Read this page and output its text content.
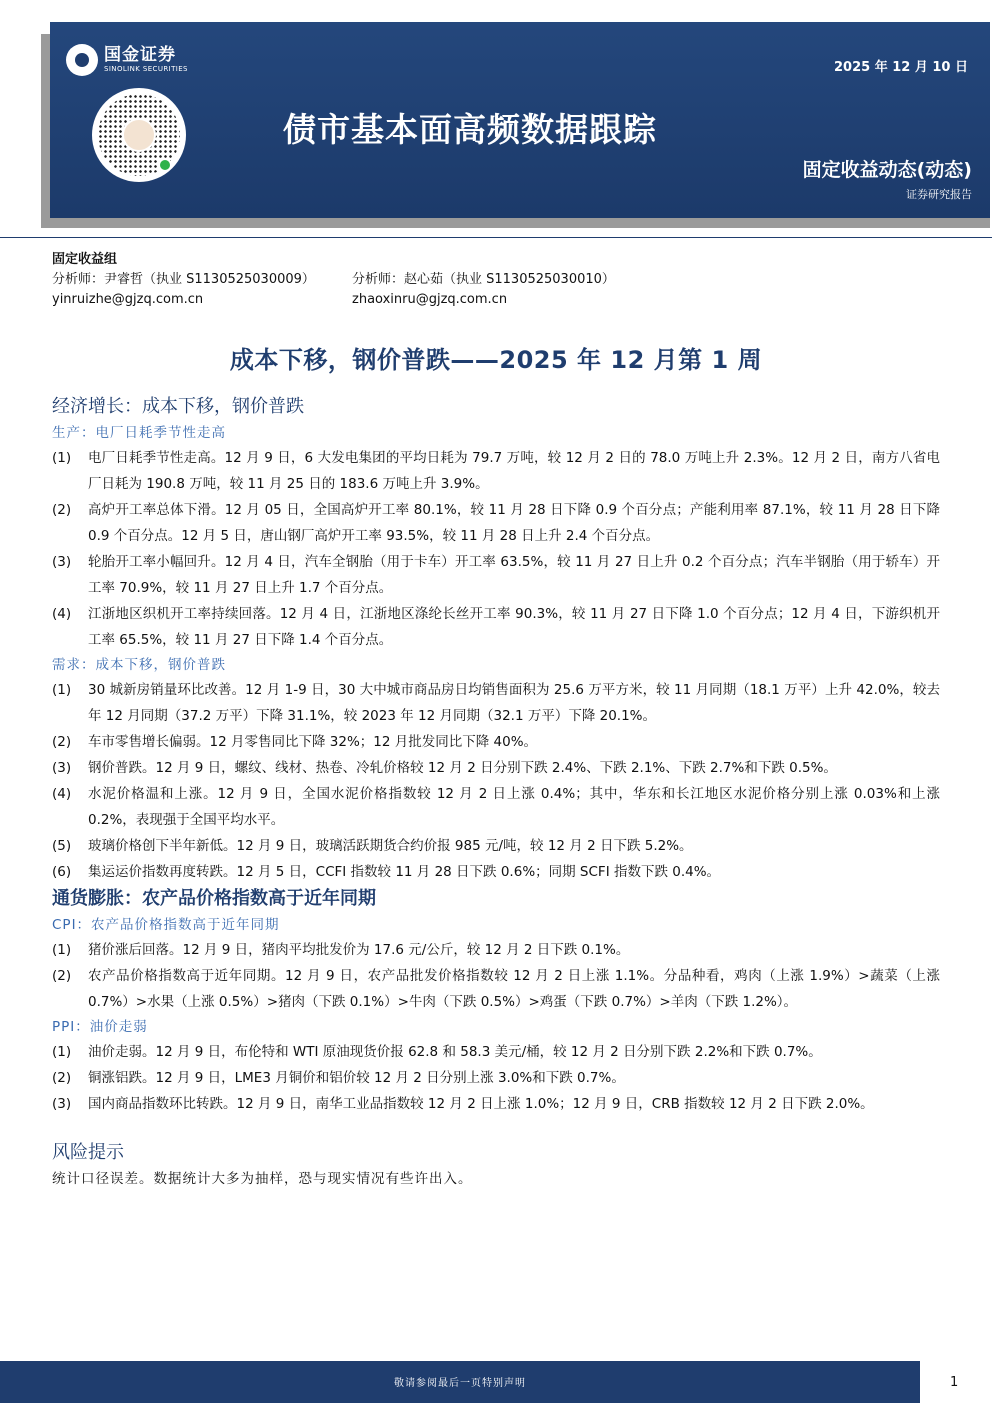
国金证券
SINOLINK SECURITIES	2025 年 12 月 10 日
债市基本面高频数据跟踪
固定收益动态(动态)
证券研究报告
固定收益组
分析师：尹睿哲（执业 S1130525030009）	分析师：赵心茹（执业 S1130525030010）
yinruizhe@gjzq.com.cn	zhaoxinru@gjzq.com.cn
成本下移，钢价普跌——2025 年 12 月第 1 周
经济增长：成本下移，钢价普跌
生产：电厂日耗季节性走高
(1)	电厂日耗季节性走高。12 月 9 日，6 大发电集团的平均日耗为 79.7 万吨，较 12 月 2 日的 78.0 万吨上升 2.3%。12 月 2 日，南方八省电厂日耗为 190.8 万吨，较 11 月 25 日的 183.6 万吨上升 3.9%。
(2)	高炉开工率总体下滑。12 月 05 日，全国高炉开工率 80.1%，较 11 月 28 日下降 0.9 个百分点；产能利用率 87.1%，较 11 月 28 日下降 0.9 个百分点。12 月 5 日，唐山钢厂高炉开工率 93.5%，较 11 月 28 日上升 2.4 个百分点。
(3)	轮胎开工率小幅回升。12 月 4 日，汽车全钢胎（用于卡车）开工率 63.5%，较 11 月 27 日上升 0.2 个百分点；汽车半钢胎（用于轿车）开工率 70.9%，较 11 月 27 日上升 1.7 个百分点。
(4)	江浙地区织机开工率持续回落。12 月 4 日，江浙地区涤纶长丝开工率 90.3%，较 11 月 27 日下降 1.0 个百分点；12 月 4 日，下游织机开工率 65.5%，较 11 月 27 日下降 1.4 个百分点。
需求：成本下移，钢价普跌
(1)	30 城新房销量环比改善。12 月 1-9 日，30 大中城市商品房日均销售面积为 25.6 万平方米，较 11 月同期（18.1 万平）上升 42.0%，较去年 12 月同期（37.2 万平）下降 31.1%，较 2023 年 12 月同期（32.1 万平）下降 20.1%。
(2)	车市零售增长偏弱。12 月零售同比下降 32%；12 月批发同比下降 40%。
(3)	钢价普跌。12 月 9 日，螺纹、线材、热卷、冷轧价格较 12 月 2 日分别下跌 2.4%、下跌 2.1%、下跌 2.7%和下跌 0.5%。
(4)	水泥价格温和上涨。12 月 9 日，全国水泥价格指数较 12 月 2 日上涨 0.4%；其中，华东和长江地区水泥价格分别上涨 0.03%和上涨 0.2%，表现强于全国平均水平。
(5)	玻璃价格创下半年新低。12 月 9 日，玻璃活跃期货合约价报 985 元/吨，较 12 月 2 日下跌 5.2%。
(6)	集运运价指数再度转跌。12 月 5 日，CCFI 指数较 11 月 28 日下跌 0.6%；同期 SCFI 指数下跌 0.4%。
通货膨胀：农产品价格指数高于近年同期
CPI：农产品价格指数高于近年同期
(1)	猪价涨后回落。12 月 9 日，猪肉平均批发价为 17.6 元/公斤，较 12 月 2 日下跌 0.1%。
(2)	农产品价格指数高于近年同期。12 月 9 日，农产品批发价格指数较 12 月 2 日上涨 1.1%。分品种看，鸡肉（上涨 1.9%）>蔬菜（上涨 0.7%）>水果（上涨 0.5%）>猪肉（下跌 0.1%）>牛肉（下跌 0.5%）>鸡蛋（下跌 0.7%）>羊肉（下跌 1.2%）。
PPI：油价走弱
(1)	油价走弱。12 月 9 日，布伦特和 WTI 原油现货价报 62.8 和 58.3 美元/桶，较 12 月 2 日分别下跌 2.2%和下跌 0.7%。
(2)	铜涨铝跌。12 月 9 日，LME3 月铜价和铝价较 12 月 2 日分别上涨 3.0%和下跌 0.7%。
(3)	国内商品指数环比转跌。12 月 9 日，南华工业品指数较 12 月 2 日上涨 1.0%；12 月 9 日，CRB 指数较 12 月 2 日下跌 2.0%。
风险提示
统计口径误差。数据统计大多为抽样，恐与现实情况有些许出入。
敬请参阅最后一页特别声明	1
